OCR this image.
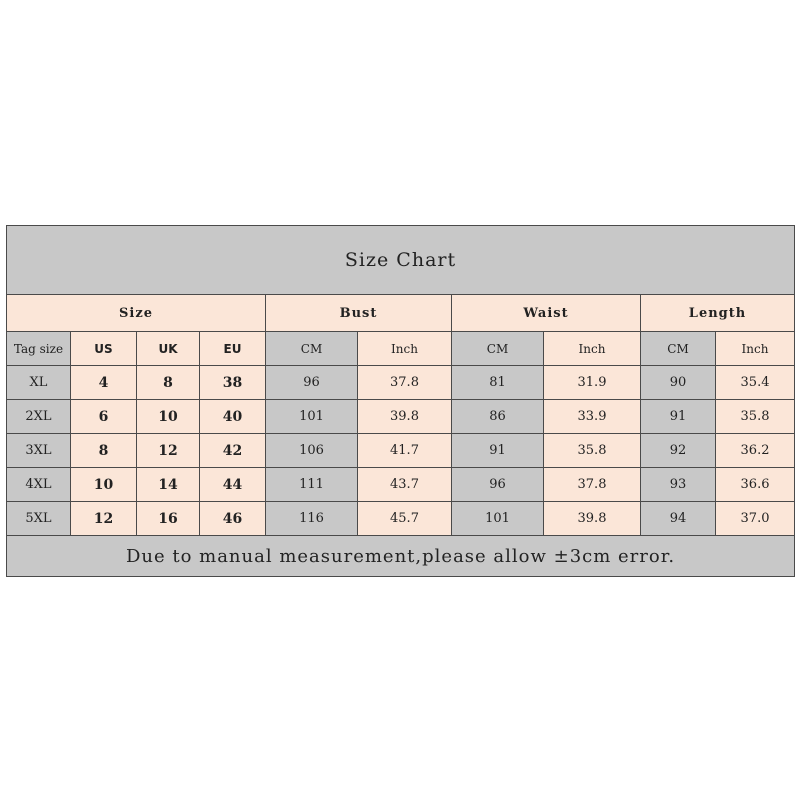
Size Chart									
Size				Bust		Waist		Length	
Tag size	US	UK	EU	CM	Inch	CM	Inch	CM	Inch
XL	4	8	38	96	37.8	81	31.9	90	35.4
2XL	6	10	40	101	39.8	86	33.9	91	35.8
3XL	8	12	42	106	41.7	91	35.8	92	36.2
4XL	10	14	44	111	43.7	96	37.8	93	36.6
5XL	12	16	46	116	45.7	101	39.8	94	37.0
Due to manual measurement,please allow ±3cm error.									
